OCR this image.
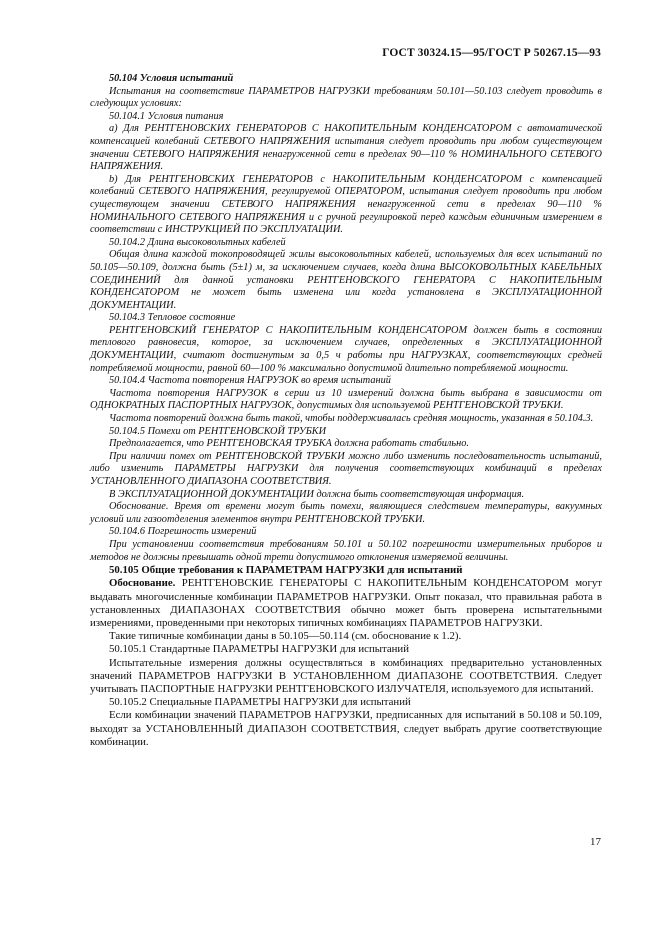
ГОСТ 30324.15—95/ГОСТ Р 50267.15—93

50.104 Условия испытаний

Испытания на соответствие ПАРАМЕТРОВ НАГРУЗКИ требованиям 50.101—50.103 следует проводить в следующих условиях:

50.104.1 Условия питания

а) Для РЕНТГЕНОВСКИХ ГЕНЕРАТОРОВ С НАКОПИТЕЛЬНЫМ КОНДЕНСАТОРОМ с автоматической компенсацией колебаний СЕТЕВОГО НАПРЯЖЕНИЯ испытания следует проводить при любом существующем значении СЕТЕВОГО НАПРЯЖЕНИЯ ненагруженной сети в пределах 90—110 % НОМИНАЛЬНОГО СЕТЕВОГО НАПРЯЖЕНИЯ.

b) Для РЕНТГЕНОВСКИХ ГЕНЕРАТОРОВ с НАКОПИТЕЛЬНЫМ КОНДЕНСАТОРОМ с компенсацией колебаний СЕТЕВОГО НАПРЯЖЕНИЯ, регулируемой ОПЕРАТОРОМ, испытания следует проводить при любом существующем значении СЕТЕВОГО НАПРЯЖЕНИЯ ненагруженной сети в пределах 90—110 % НОМИНАЛЬНОГО СЕТЕВОГО НАПРЯЖЕНИЯ и с ручной регулировкой перед каждым единичным измерением в соответствии с ИНСТРУКЦИЕЙ ПО ЭКСПЛУАТАЦИИ.

50.104.2 Длина высоковольтных кабелей

Общая длина каждой токопроводящей жилы высоковольтных кабелей, используемых для всех испытаний по 50.105—50.109, должна быть (5±1) м, за исключением случаев, когда длина ВЫСОКОВОЛЬТНЫХ КАБЕЛЬНЫХ СОЕДИНЕНИЙ для данной установки РЕНТГЕНОВСКОГО ГЕНЕРАТОРА С НАКОПИТЕЛЬНЫМ КОНДЕНСАТОРОМ не может быть изменена или когда установлена в ЭКСПЛУАТАЦИОННОЙ ДОКУМЕНТАЦИИ.

50.104.3 Тепловое состояние

РЕНТГЕНОВСКИЙ ГЕНЕРАТОР С НАКОПИТЕЛЬНЫМ КОНДЕНСАТОРОМ должен быть в состоянии теплового равновесия, которое, за исключением случаев, определенных в ЭКСПЛУАТАЦИОННОЙ ДОКУМЕНТАЦИИ, считают достигнутым за 0,5 ч работы при НАГРУЗКАХ, соответствующих средней потребляемой мощности, равной 60—100 % максимально допустимой длительно потребляемой мощности.

50.104.4 Частота повторения НАГРУЗОК во время испытаний

Частота повторения НАГРУЗОК в серии из 10 измерений должна быть выбрана в зависимости от ОДНОКРАТНЫХ ПАСПОРТНЫХ НАГРУЗОК, допустимых для используемой РЕНТГЕНОВСКОЙ ТРУБКИ.

Частота повторений должна быть такой, чтобы поддерживалась средняя мощность, указанная в 50.104.3.

50.104.5 Помехи от РЕНТГЕНОВСКОЙ ТРУБКИ

Предполагается, что РЕНТГЕНОВСКАЯ ТРУБКА должна работать стабильно.

При наличии помех от РЕНТГЕНОВСКОЙ ТРУБКИ можно либо изменить последовательность испытаний, либо изменить ПАРАМЕТРЫ НАГРУЗКИ для получения соответствующих комбинаций в пределах УСТАНОВЛЕННОГО ДИАПАЗОНА СООТВЕТСТВИЯ.

В ЭКСПЛУАТАЦИОННОЙ ДОКУМЕНТАЦИИ должна быть соответствующая информация.

Обоснование. Время от времени могут быть помехи, являющиеся следствием температуры, вакуумных условий или газоотделения элементов внутри РЕНТГЕНОВСКОЙ ТРУБКИ.

50.104.6 Погрешность измерений

При установлении соответствия требованиям 50.101 и 50.102 погрешности измерительных приборов и методов не должны превышать одной трети допустимого отклонения измеряемой величины.

50.105 Общие требования к ПАРАМЕТРАМ НАГРУЗКИ для испытаний

Обоснование. РЕНТГЕНОВСКИЕ ГЕНЕРАТОРЫ С НАКОПИТЕЛЬНЫМ КОНДЕНСАТОРОМ могут выдавать многочисленные комбинации ПАРАМЕТРОВ НАГРУЗКИ. Опыт показал, что правильная работа в установленных ДИАПАЗОНАХ СООТВЕТСТВИЯ обычно может быть проверена испытательными измерениями, проведенными при некоторых типичных комбинациях ПАРАМЕТРОВ НАГРУЗКИ.

Такие типичные комбинации даны в 50.105—50.114 (см. обоснование к 1.2).

50.105.1 Стандартные ПАРАМЕТРЫ НАГРУЗКИ для испытаний

Испытательные измерения должны осуществляться в комбинациях предварительно установленных значений ПАРАМЕТРОВ НАГРУЗКИ В УСТАНОВЛЕННОМ ДИАПАЗОНЕ СООТВЕТСТВИЯ. Следует учитывать ПАСПОРТНЫЕ НАГРУЗКИ РЕНТГЕНОВСКОГО ИЗЛУЧАТЕЛЯ, используемого для испытаний.

50.105.2 Специальные ПАРАМЕТРЫ НАГРУЗКИ для испытаний

Если комбинации значений ПАРАМЕТРОВ НАГРУЗКИ, предписанных для испытаний в 50.108 и 50.109, выходят за УСТАНОВЛЕННЫЙ ДИАПАЗОН СООТВЕТСТВИЯ, следует выбрать другие соответствующие комбинации.

17
